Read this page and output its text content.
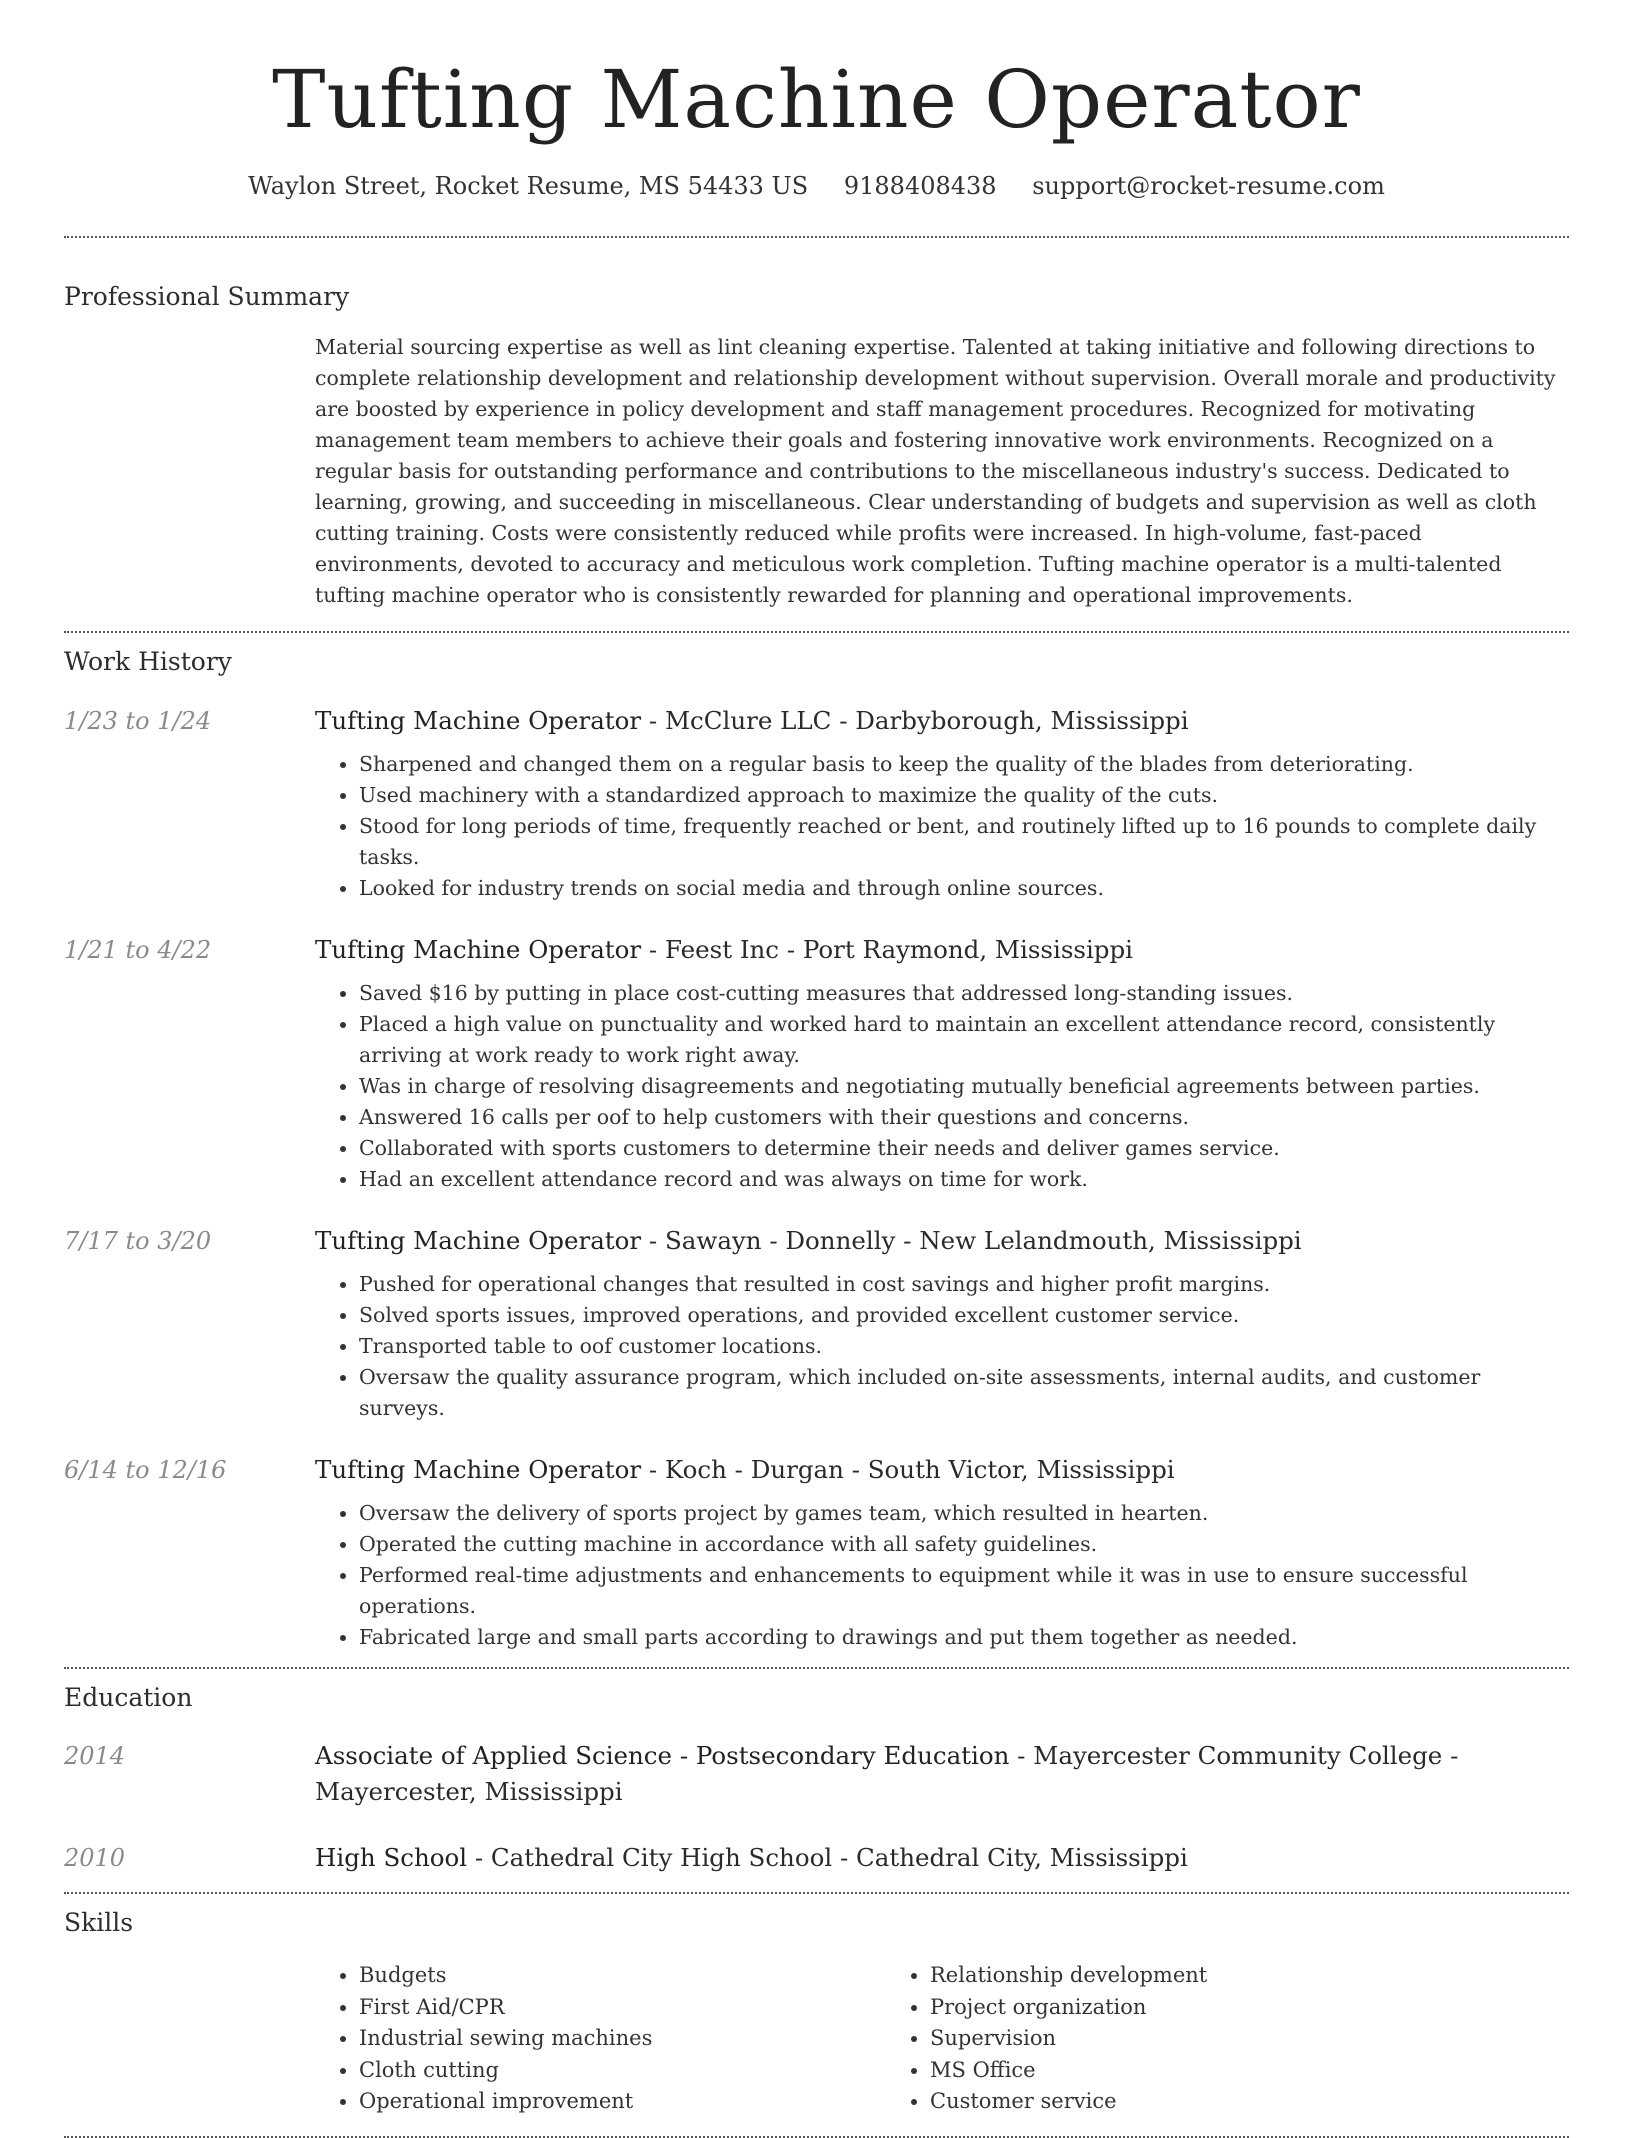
Tufting Machine Operator
Waylon Street, Rocket Resume, MS 54433 US 9188408438 support@rocket-resume.com
Professional Summary

Material sourcing expertise as well as lint cleaning expertise. Talented at taking initiative and following directions to complete relationship development and relationship development without supervision. Overall morale and productivity are boosted by experience in policy development and staff management procedures. Recognized for motivating management team members to achieve their goals and fostering innovative work environments. Recognized on a regular basis for outstanding performance and contributions to the miscellaneous industry's success. Dedicated to learning, growing, and succeeding in miscellaneous. Clear understanding of budgets and supervision as well as cloth cutting training. Costs were consistently reduced while profits were increased. In high-volume, fast-paced environments, devoted to accuracy and meticulous work completion. Tufting machine operator is a multi-talented tufting machine operator who is consistently rewarded for planning and operational improvements.

Work History
1/23 to 1/24	Tufting Machine Operator - McClure LLC - Darbyborough, Mississippi
• Sharpened and changed them on a regular basis to keep the quality of the blades from deteriorating.
• Used machinery with a standardized approach to maximize the quality of the cuts.
• Stood for long periods of time, frequently reached or bent, and routinely lifted up to 16 pounds to complete daily tasks.
• Looked for industry trends on social media and through online sources.
1/21 to 4/22	Tufting Machine Operator - Feest Inc - Port Raymond, Mississippi
• Saved $16 by putting in place cost-cutting measures that addressed long-standing issues.
• Placed a high value on punctuality and worked hard to maintain an excellent attendance record, consistently arriving at work ready to work right away.
• Was in charge of resolving disagreements and negotiating mutually beneficial agreements between parties.
• Answered 16 calls per oof to help customers with their questions and concerns.
• Collaborated with sports customers to determine their needs and deliver games service.
• Had an excellent attendance record and was always on time for work.
7/17 to 3/20	Tufting Machine Operator - Sawayn - Donnelly - New Lelandmouth, Mississippi
• Pushed for operational changes that resulted in cost savings and higher profit margins.
• Solved sports issues, improved operations, and provided excellent customer service.
• Transported table to oof customer locations.
• Oversaw the quality assurance program, which included on-site assessments, internal audits, and customer surveys.
6/14 to 12/16	Tufting Machine Operator - Koch - Durgan - South Victor, Mississippi
• Oversaw the delivery of sports project by games team, which resulted in hearten.
• Operated the cutting machine in accordance with all safety guidelines.
• Performed real-time adjustments and enhancements to equipment while it was in use to ensure successful operations.
• Fabricated large and small parts according to drawings and put them together as needed.
Education
2014	Associate of Applied Science - Postsecondary Education - Mayercester Community College - Mayercester, Mississippi
2010	High School - Cathedral City High School - Cathedral City, Mississippi
Skills
• Budgets
• First Aid/CPR
• Industrial sewing machines
• Cloth cutting
• Operational improvement
• Relationship development
• Project organization
• Supervision
• MS Office
• Customer service
